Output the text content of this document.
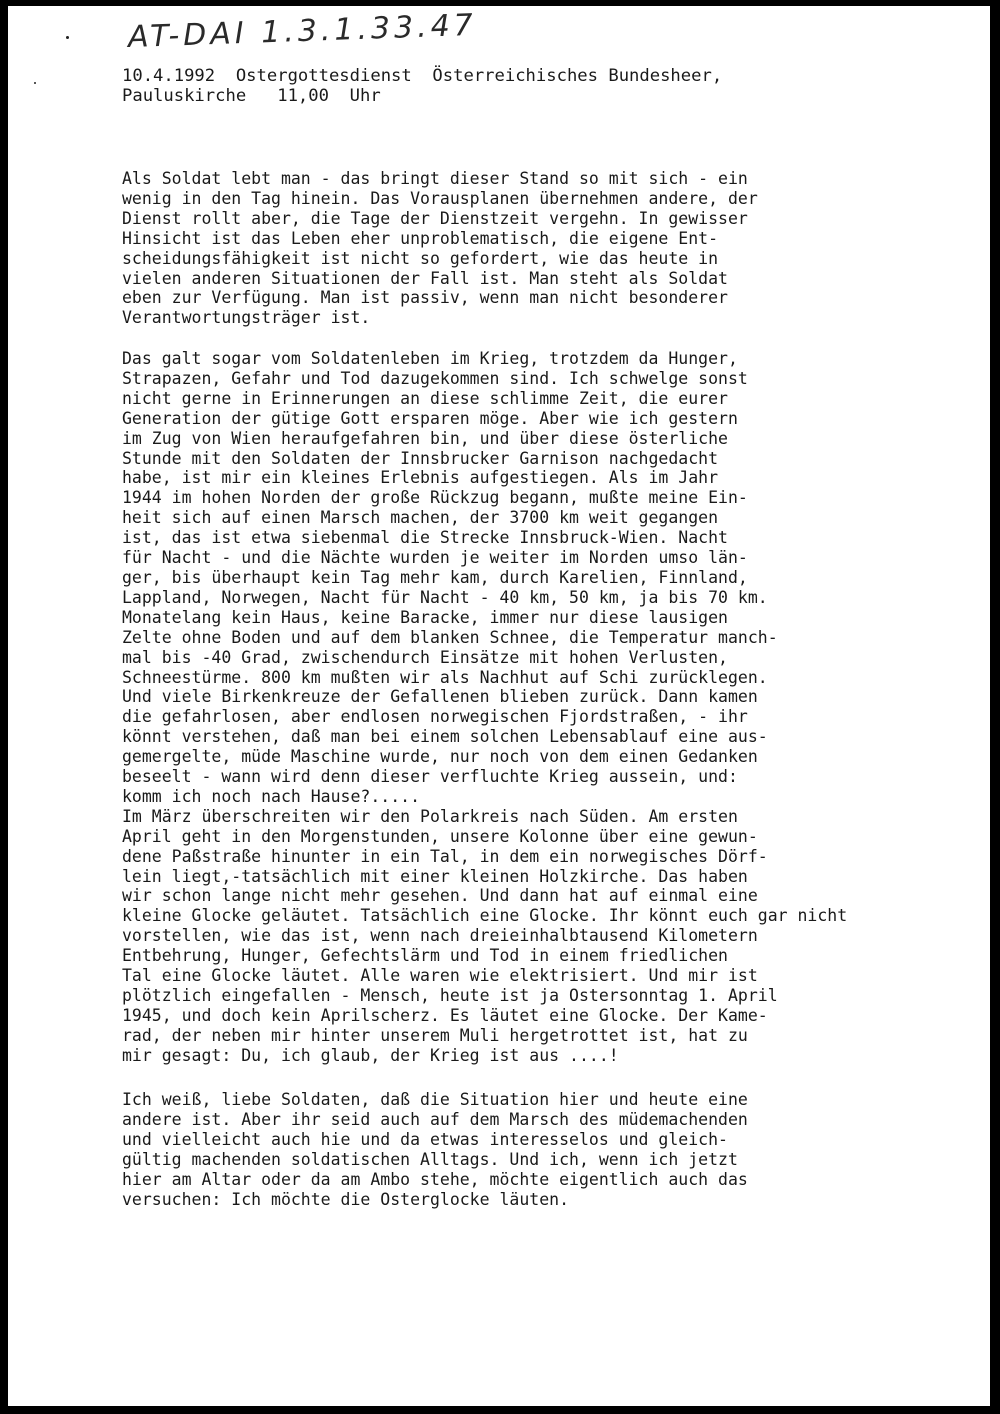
AT-DAI 1.3.1.33.47
10.4.1992  Ostergottesdienst  Österreichisches Bundesheer,
Pauluskirche   11,00  Uhr
Als Soldat lebt man - das bringt dieser Stand so mit sich - ein
wenig in den Tag hinein. Das Vorausplanen übernehmen andere, der
Dienst rollt aber, die Tage der Dienstzeit vergehn. In gewisser
Hinsicht ist das Leben eher unproblematisch, die eigene Ent-
scheidungsfähigkeit ist nicht so gefordert, wie das heute in
vielen anderen Situationen der Fall ist. Man steht als Soldat
eben zur Verfügung. Man ist passiv, wenn man nicht besonderer
Verantwortungsträger ist.
Das galt sogar vom Soldatenleben im Krieg, trotzdem da Hunger,
Strapazen, Gefahr und Tod dazugekommen sind. Ich schwelge sonst
nicht gerne in Erinnerungen an diese schlimme Zeit, die eurer
Generation der gütige Gott ersparen möge. Aber wie ich gestern
im Zug von Wien heraufgefahren bin, und über diese österliche
Stunde mit den Soldaten der Innsbrucker Garnison nachgedacht
habe, ist mir ein kleines Erlebnis aufgestiegen. Als im Jahr
1944 im hohen Norden der große Rückzug begann, mußte meine Ein-
heit sich auf einen Marsch machen, der 3700 km weit gegangen
ist, das ist etwa siebenmal die Strecke Innsbruck-Wien. Nacht
für Nacht - und die Nächte wurden je weiter im Norden umso län-
ger, bis überhaupt kein Tag mehr kam, durch Karelien, Finnland,
Lappland, Norwegen, Nacht für Nacht - 40 km, 50 km, ja bis 70 km.
Monatelang kein Haus, keine Baracke, immer nur diese lausigen
Zelte ohne Boden und auf dem blanken Schnee, die Temperatur manch-
mal bis -40 Grad, zwischendurch Einsätze mit hohen Verlusten,
Schneestürme. 800 km mußten wir als Nachhut auf Schi zurücklegen.
Und viele Birkenkreuze der Gefallenen blieben zurück. Dann kamen
die gefahrlosen, aber endlosen norwegischen Fjordstraßen, - ihr
könnt verstehen, daß man bei einem solchen Lebensablauf eine aus-
gemergelte, müde Maschine wurde, nur noch von dem einen Gedanken
beseelt - wann wird denn dieser verfluchte Krieg aussein, und:
komm ich noch nach Hause?.....
Im März überschreiten wir den Polarkreis nach Süden. Am ersten
April geht in den Morgenstunden, unsere Kolonne über eine gewun-
dene Paßstraße hinunter in ein Tal, in dem ein norwegisches Dörf-
lein liegt,-tatsächlich mit einer kleinen Holzkirche. Das haben
wir schon lange nicht mehr gesehen. Und dann hat auf einmal eine
kleine Glocke geläutet. Tatsächlich eine Glocke. Ihr könnt euch gar nicht
vorstellen, wie das ist, wenn nach dreieinhalbtausend Kilometern
Entbehrung, Hunger, Gefechtslärm und Tod in einem friedlichen
Tal eine Glocke läutet. Alle waren wie elektrisiert. Und mir ist
plötzlich eingefallen - Mensch, heute ist ja Ostersonntag 1. April
1945, und doch kein Aprilscherz. Es läutet eine Glocke. Der Kame-
rad, der neben mir hinter unserem Muli hergetrottet ist, hat zu
mir gesagt: Du, ich glaub, der Krieg ist aus ....!
Ich weiß, liebe Soldaten, daß die Situation hier und heute eine
andere ist. Aber ihr seid auch auf dem Marsch des müdemachenden
und vielleicht auch hie und da etwas interesselos und gleich-
gültig machenden soldatischen Alltags. Und ich, wenn ich jetzt
hier am Altar oder da am Ambo stehe, möchte eigentlich auch das
versuchen: Ich möchte die Osterglocke läuten.
